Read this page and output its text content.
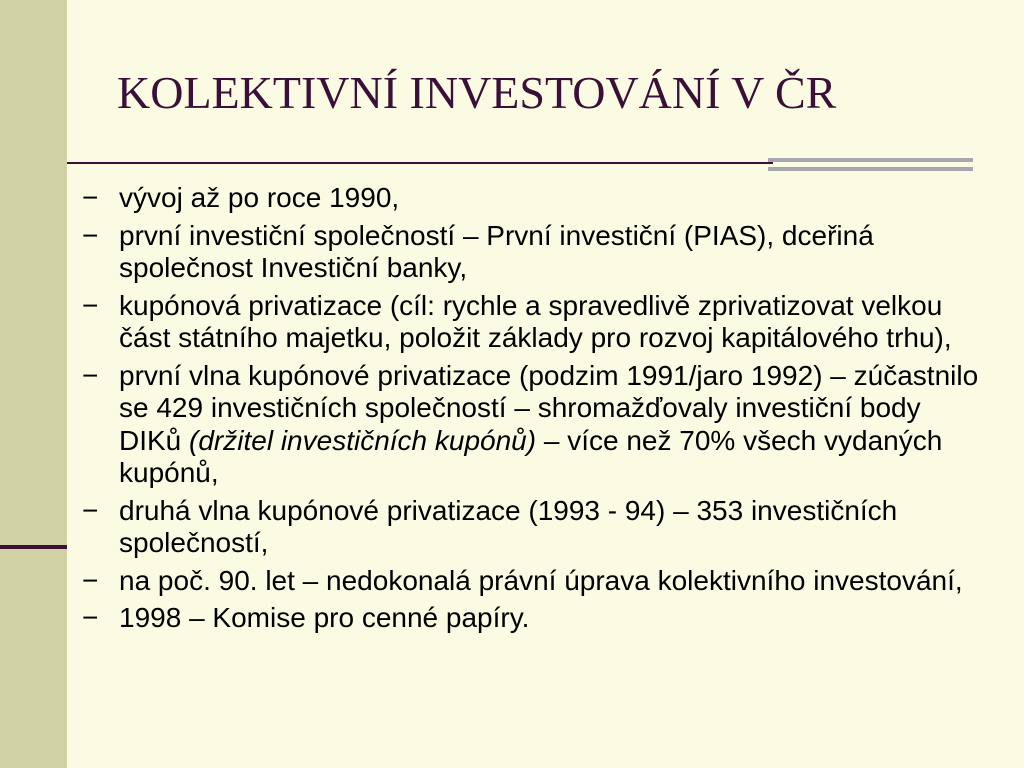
KOLEKTIVNÍ INVESTOVÁNÍ V ČR
− vývoj až po roce 1990,
− první investiční společností – První investiční (PIAS), dceřiná společnost Investiční banky,
− kupónová privatizace (cíl: rychle a spravedlivě zprivatizovat velkou část státního majetku, položit základy pro rozvoj kapitálového trhu),
− první vlna kupónové privatizace (podzim 1991/jaro 1992) – zúčastnilo se 429 investičních společností – shromažďovaly investiční body DIKů (držitel investičních kupónů) – více než 70% všech vydaných kupónů,
− druhá vlna kupónové privatizace (1993 - 94) – 353 investičních společností,
− na poč. 90. let – nedokonalá právní úprava kolektivního investování,
− 1998 – Komise pro cenné papíry.
